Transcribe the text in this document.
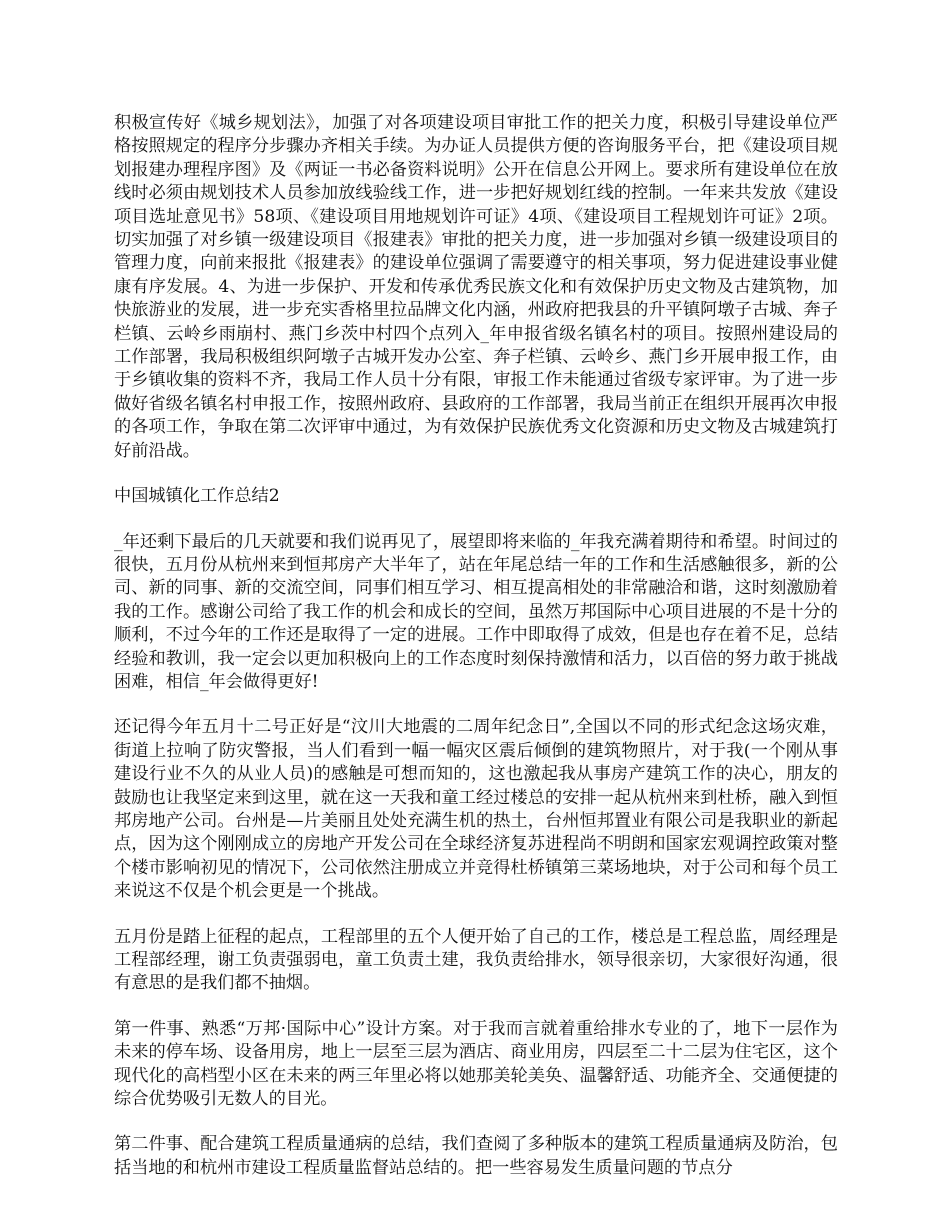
积极宣传好《城乡规划法》，加强了对各项建设项目审批工作的把关力度，积极引导建设单位严格按照规定的程序分步骤办齐相关手续。为办证人员提供方便的咨询服务平台，把《建设项目规划报建办理程序图》及《两证一书必备资料说明》公开在信息公开网上。要求所有建设单位在放线时必须由规划技术人员参加放线验线工作，进一步把好规划红线的控制。一年来共发放《建设项目选址意见书》58项、《建设项目用地规划许可证》4项、《建设项目工程规划许可证》2项。切实加强了对乡镇一级建设项目《报建表》审批的把关力度，进一步加强对乡镇一级建设项目的管理力度，向前来报批《报建表》的建设单位强调了需要遵守的相关事项，努力促进建设事业健康有序发展。4、为进一步保护、开发和传承优秀民族文化和有效保护历史文物及古建筑物，加快旅游业的发展，进一步充实香格里拉品牌文化内涵，州政府把我县的升平镇阿墩子古城、奔子栏镇、云岭乡雨崩村、燕门乡茨中村四个点列入_年申报省级名镇名村的项目。按照州建设局的工作部署，我局积极组织阿墩子古城开发办公室、奔子栏镇、云岭乡、燕门乡开展申报工作，由于乡镇收集的资料不齐，我局工作人员十分有限，审报工作未能通过省级专家评审。为了进一步做好省级名镇名村申报工作，按照州政府、县政府的工作部署，我局当前正在组织开展再次申报的各项工作，争取在第二次评审中通过，为有效保护民族优秀文化资源和历史文物及古城建筑打好前沿战。

中国城镇化工作总结2

_年还剩下最后的几天就要和我们说再见了，展望即将来临的_年我充满着期待和希望。时间过的很快，五月份从杭州来到恒邦房产大半年了，站在年尾总结一年的工作和生活感触很多，新的公司、新的同事、新的交流空间，同事们相互学习、相互提高相处的非常融洽和谐，这时刻激励着我的工作。感谢公司给了我工作的机会和成长的空间，虽然万邦国际中心项目进展的不是十分的顺利，不过今年的工作还是取得了一定的进展。工作中即取得了成效，但是也存在着不足，总结经验和教训，我一定会以更加积极向上的工作态度时刻保持激情和活力，以百倍的努力敢于挑战困难，相信_年会做得更好!

还记得今年五月十二号正好是“汶川大地震的二周年纪念日”,全国以不同的形式纪念这场灾难，街道上拉响了防灾警报，当人们看到一幅一幅灾区震后倾倒的建筑物照片，对于我(一个刚从事建设行业不久的从业人员)的感触是可想而知的，这也激起我从事房产建筑工作的决心，朋友的鼓励也让我坚定来到这里，就在这一天我和童工经过楼总的安排一起从杭州来到杜桥，融入到恒邦房地产公司。台州是—片美丽且处处充满生机的热土，台州恒邦置业有限公司是我职业的新起点，因为这个刚刚成立的房地产开发公司在全球经济复苏进程尚不明朗和国家宏观调控政策对整个楼市影响初见的情况下，公司依然注册成立并竞得杜桥镇第三菜场地块，对于公司和每个员工来说这不仅是个机会更是一个挑战。

五月份是踏上征程的起点，工程部里的五个人便开始了自己的工作，楼总是工程总监，周经理是工程部经理，谢工负责强弱电，童工负责土建，我负责给排水，领导很亲切，大家很好沟通，很有意思的是我们都不抽烟。

第一件事、熟悉“万邦·国际中心”设计方案。对于我而言就着重给排水专业的了，地下一层作为未来的停车场、设备用房，地上一层至三层为酒店、商业用房，四层至二十二层为住宅区，这个现代化的高档型小区在未来的两三年里必将以她那美轮美奂、温馨舒适、功能齐全、交通便捷的综合优势吸引无数人的目光。

第二件事、配合建筑工程质量通病的总结，我们查阅了多种版本的建筑工程质量通病及防治，包括当地的和杭州市建设工程质量监督站总结的。把一些容易发生质量问题的节点分
